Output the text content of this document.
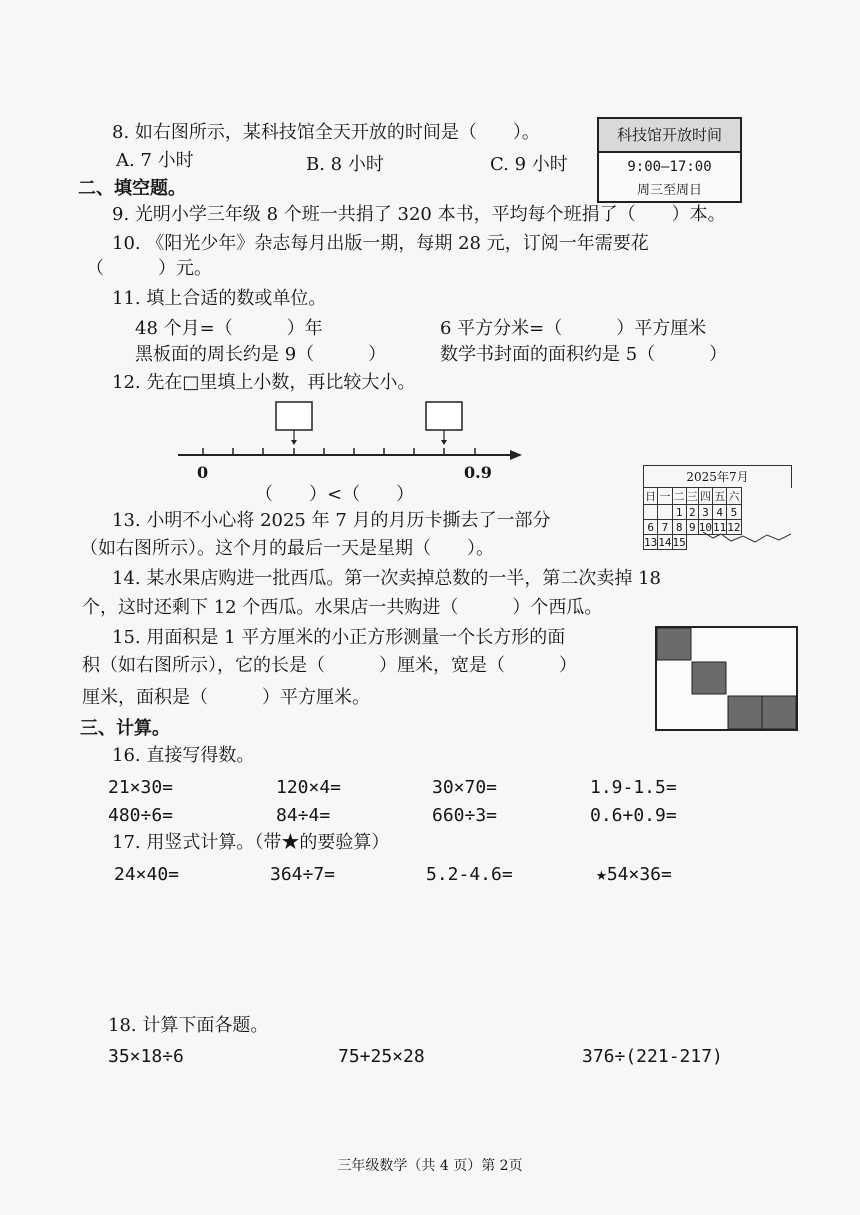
8. 如右图所示，某科技馆全天开放的时间是（　　）。
A. 7 小时	B. 8 小时	C. 9 小时
科技馆开放时间
9:00—17:00
周三至周日
二、填空题。
9. 光明小学三年级 8 个班一共捐了 320 本书，平均每个班捐了（　　）本。
10. 《阳光少年》杂志每月出版一期，每期 28 元，订阅一年需要花
（　　　）元。
11. 填上合适的数或单位。
48 个月=（　　　）年	6 平方分米=（　　　）平方厘米
黑板面的周长约是 9（　　　）	数学书封面的面积约是 5（　　　）
12. 先在□里填上小数，再比较大小。
0	0.9
（　　）<（　　）
2025年7月
日	一	二	三	四	五	六
		1	2	3	4	5
6	7	8	9	10	11	12
13	14	15				
13. 小明不小心将 2025 年 7 月的月历卡撕去了一部分
（如右图所示）。这个月的最后一天是星期（　　）。
14. 某水果店购进一批西瓜。第一次卖掉总数的一半，第二次卖掉 18
个，这时还剩下 12 个西瓜。水果店一共购进（　　　）个西瓜。
15. 用面积是 1 平方厘米的小正方形测量一个长方形的面
积（如右图所示），它的长是（　　　）厘米，宽是（　　　）
厘米，面积是（　　　）平方厘米。
三、计算。
16. 直接写得数。
21×30=	120×4=	30×70=	1.9-1.5=
480÷6=	84÷4=	660÷3=	0.6+0.9=
17. 用竖式计算。（带★的要验算）
24×40=	364÷7=	5.2-4.6=	★54×36=
18. 计算下面各题。
35×18÷6	75+25×28	376÷(221-217)
三年级数学（共 4 页）第 2页
